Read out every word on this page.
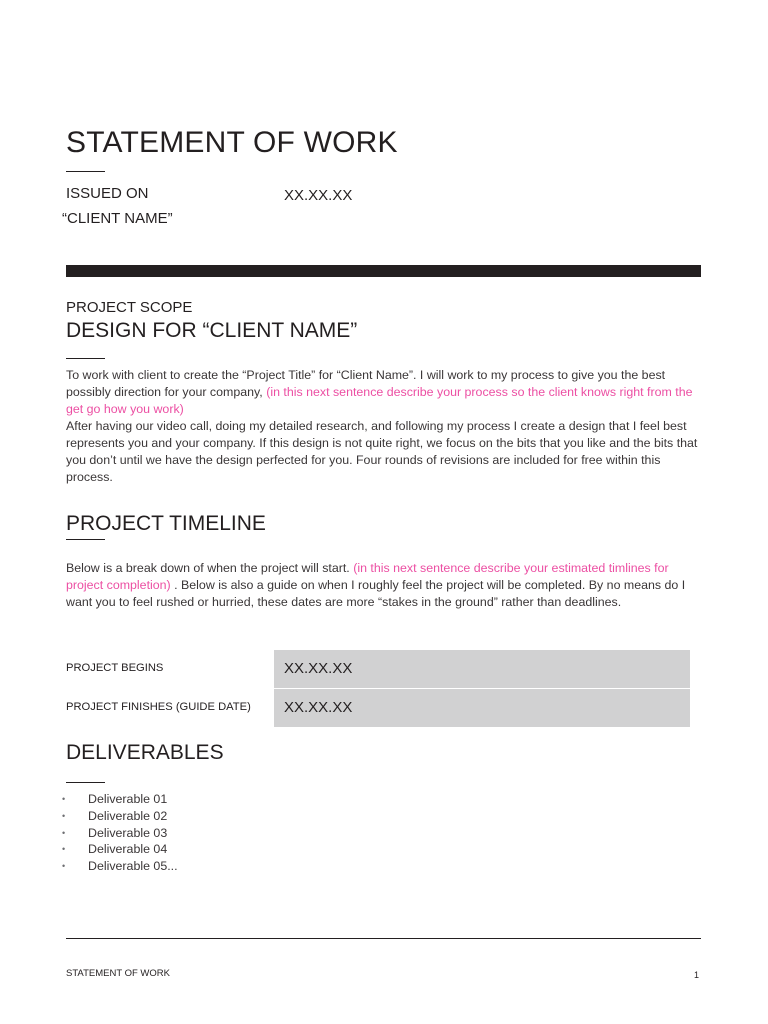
STATEMENT OF WORK
ISSUED ON
“CLIENT NAME”
XX.XX.XX
PROJECT SCOPE
DESIGN FOR “CLIENT NAME”

To work with client to create the “Project Title” for “Client Name”. I will work to my process to give you the best possibly direction for your company, (in this next sentence describe your process so the client knows right from the get go how you work)

After having our video call, doing my detailed research, and following my process I create a design that I feel best represents you and your company. If this design is not quite right, we focus on the bits that you like and the bits that you don’t until we have the design perfected for you. Four rounds of revisions are included for free within this process.

PROJECT TIMELINE

Below is a break down of when the project will start. (in this next sentence describe your estimated timlines for project completion) . Below is also a guide on when I roughly feel the project will be completed. By no means do I want you to feel rushed or hurried, these dates are more “stakes in the ground” rather than deadlines.

PROJECT BEGINS	XX.XX.XX
PROJECT FINISHES (GUIDE DATE) XX.XX.XX
DELIVERABLES
• Deliverable 01
• Deliverable 02
• Deliverable 03
• Deliverable 04
• Deliverable 05...
STATEMENT OF WORK	1
